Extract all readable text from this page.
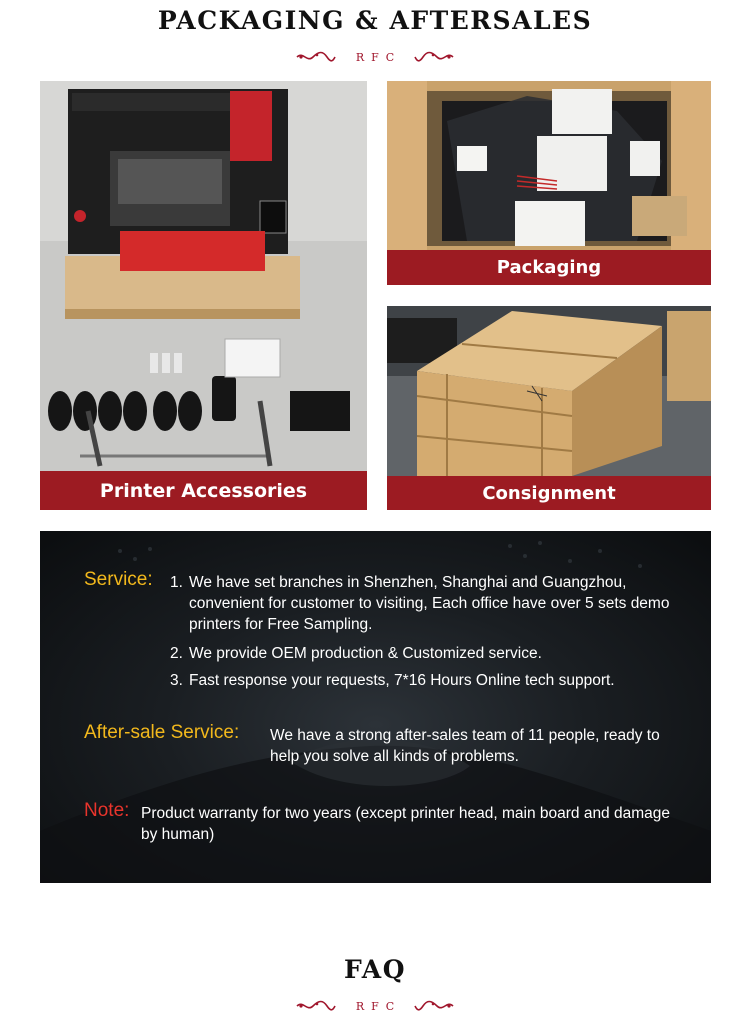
PACKAGING & AFTERSALES
RFC
Printer Accessories
Packaging
Consignment
Service: 1. We have set branches in Shenzhen, Shanghai and Guangzhou, convenient for customer to visiting, Each office have over 5 sets demo printers for Free Sampling.
2. We provide OEM production & Customized service.
3. Fast response your requests, 7*16 Hours Online tech support.
After-sale Service: We have a strong after-sales team of 11 people, ready to help you solve all kinds of problems.
Note: Product warranty for two years (except printer head, main board and damage by human)
FAQ
RFC
